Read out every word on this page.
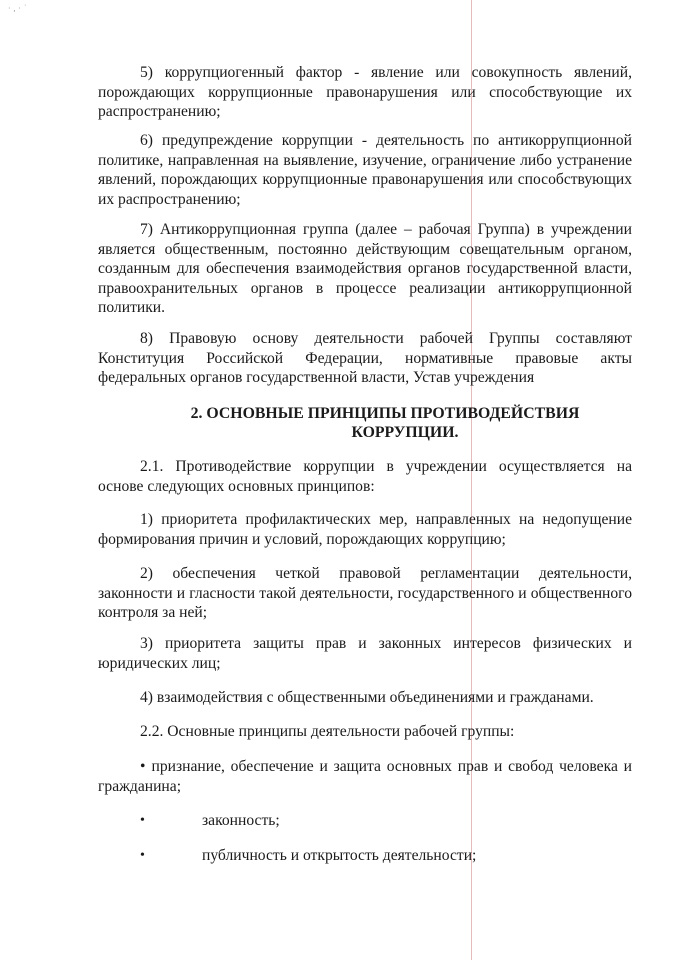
· ‚ · ˙
5) коррупциогенный фактор - явление или совокупность явлений, порождающих коррупционные правонарушения или способствующие их распространению;
6) предупреждение коррупции - деятельность по антикоррупционной политике, направленная на выявление, изучение, ограничение либо устранение явлений, порождающих коррупционные правонарушения или способствующих их распространению;
7) Антикоррупционная группа (далее – рабочая Группа) в учреждении является общественным, постоянно действующим совещательным органом, созданным для обеспечения взаимодействия органов государственной власти, правоохранительных органов в процессе реализации антикоррупционной политики.
8) Правовую основу деятельности рабочей Группы составляют Конституция Российской Федерации, нормативные правовые акты федеральных органов государственной власти, Устав учреждения
2. ОСНОВНЫЕ ПРИНЦИПЫ ПРОТИВОДЕЙСТВИЯ
КОРРУПЦИИ.
2.1. Противодействие коррупции в учреждении осуществляется на основе следующих основных принципов:
1) приоритета профилактических мер, направленных на недопущение формирования причин и условий, порождающих коррупцию;
2) обеспечения четкой правовой регламентации деятельности, законности и гласности такой деятельности, государственного и общественного контроля за ней;
3) приоритета защиты прав и законных интересов физических и юридических лиц;
4) взаимодействия с общественными объединениями и гражданами.
2.2. Основные принципы деятельности рабочей группы:
• признание, обеспечение и защита основных прав и свобод человека и гражданина;
•	законность;
•	публичность и открытость деятельности;
